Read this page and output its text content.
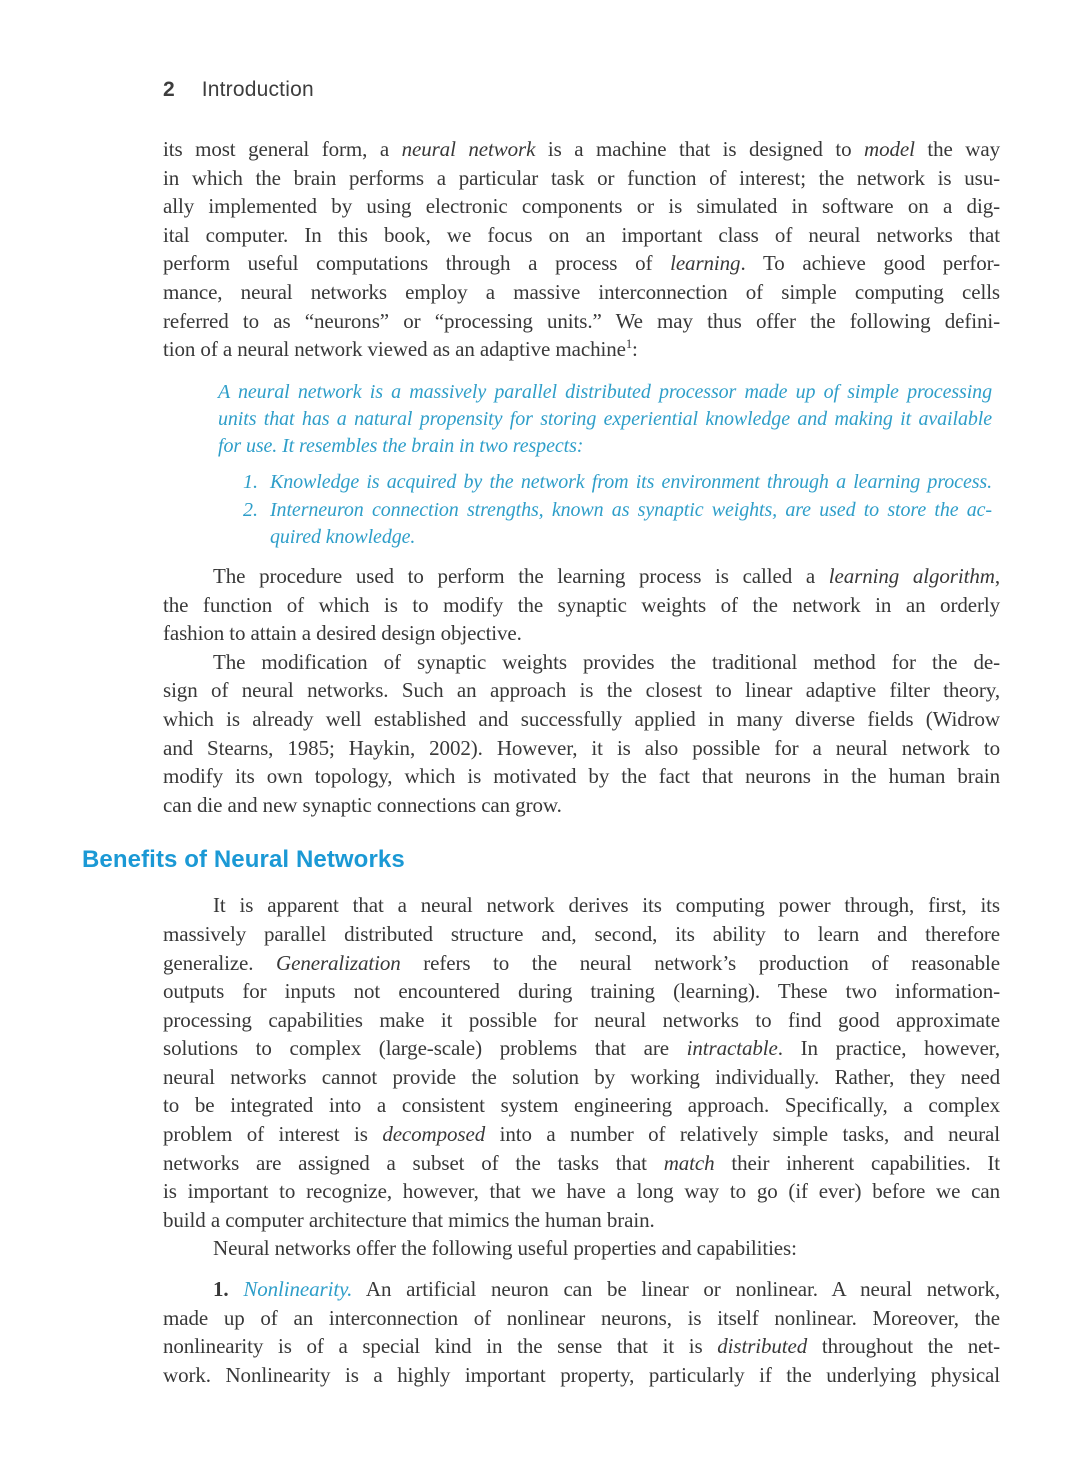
2 Introduction
its most general form, a neural network is a machine that is designed to model the way
in which the brain performs a particular task or function of interest; the network is usu-
ally implemented by using electronic components or is simulated in software on a dig-
ital computer. In this book, we focus on an important class of neural networks that
perform useful computations through a process of learning. To achieve good perfor-
mance, neural networks employ a massive interconnection of simple computing cells
referred to as “neurons” or “processing units.” We may thus offer the following defini-
tion of a neural network viewed as an adaptive machine$^1$:
A neural network is a massively parallel distributed processor made up of simple processing
units that has a natural propensity for storing experiential knowledge and making it available
for use. It resembles the brain in two respects:
1. Knowledge is acquired by the network from its environment through a learning process.
2. Interneuron connection strengths, known as synaptic weights, are used to store the ac-
quired knowledge.
The procedure used to perform the learning process is called a learning algorithm,
the function of which is to modify the synaptic weights of the network in an orderly
fashion to attain a desired design objective.
The modification of synaptic weights provides the traditional method for the de-
sign of neural networks. Such an approach is the closest to linear adaptive filter theory,
which is already well established and successfully applied in many diverse fields (Widrow
and Stearns, 1985; Haykin, 2002). However, it is also possible for a neural network to
modify its own topology, which is motivated by the fact that neurons in the human brain
can die and new synaptic connections can grow.
Benefits of Neural Networks
It is apparent that a neural network derives its computing power through, first, its
massively parallel distributed structure and, second, its ability to learn and therefore
generalize. Generalization refers to the neural network’s production of reasonable
outputs for inputs not encountered during training (learning). These two information-
processing capabilities make it possible for neural networks to find good approximate
solutions to complex (large-scale) problems that are intractable. In practice, however,
neural networks cannot provide the solution by working individually. Rather, they need
to be integrated into a consistent system engineering approach. Specifically, a complex
problem of interest is decomposed into a number of relatively simple tasks, and neural
networks are assigned a subset of the tasks that match their inherent capabilities. It
is important to recognize, however, that we have a long way to go (if ever) before we can
build a computer architecture that mimics the human brain.
Neural networks offer the following useful properties and capabilities:
1. Nonlinearity. An artificial neuron can be linear or nonlinear. A neural network,
made up of an interconnection of nonlinear neurons, is itself nonlinear. Moreover, the
nonlinearity is of a special kind in the sense that it is distributed throughout the net-
work. Nonlinearity is a highly important property, particularly if the underlying physical
